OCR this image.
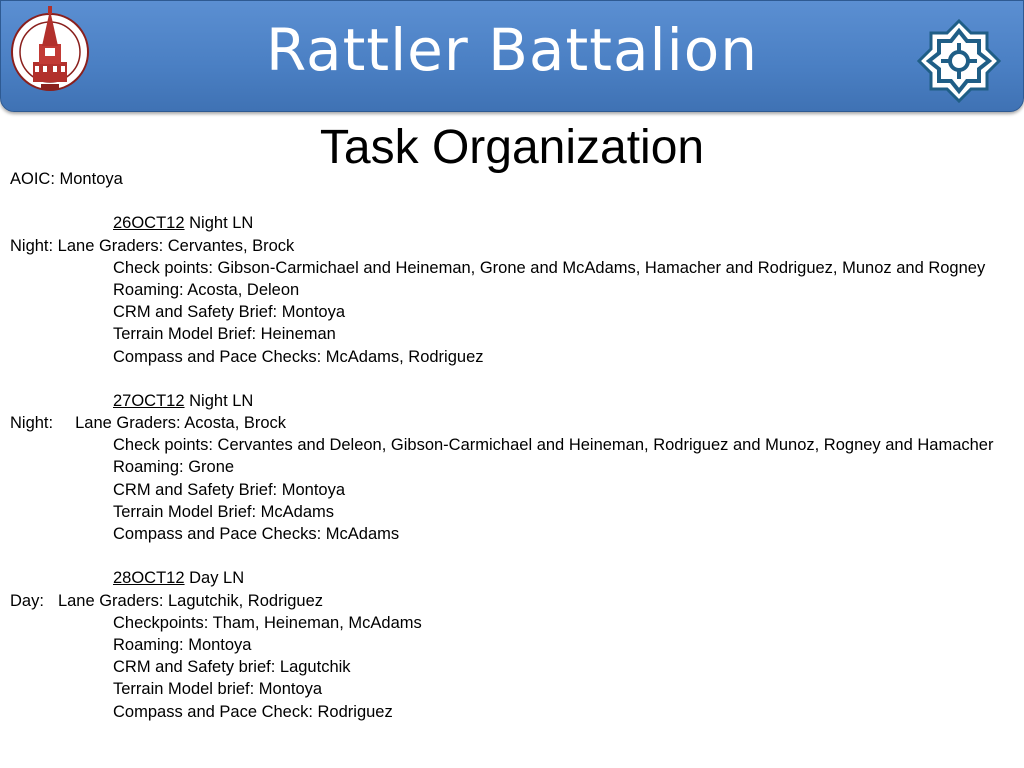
Rattler Battalion
Task Organization
AOIC: Montoya
26OCT12 Night LN
Night: Lane Graders: Cervantes, Brock
Check points: Gibson-Carmichael and Heineman, Grone and McAdams, Hamacher and Rodriguez, Munoz and Rogney
Roaming: Acosta, Deleon
CRM and Safety Brief: Montoya
Terrain Model Brief: Heineman
Compass and Pace Checks: McAdams, Rodriguez
27OCT12 Night LN
Night: Lane Graders: Acosta, Brock
Check points: Cervantes and Deleon, Gibson-Carmichael and Heineman, Rodriguez and Munoz, Rogney and Hamacher
Roaming: Grone
CRM and Safety Brief: Montoya
Terrain Model Brief: McAdams
Compass and Pace Checks: McAdams
28OCT12 Day LN
Day: Lane Graders: Lagutchik, Rodriguez
Checkpoints: Tham, Heineman, McAdams
Roaming: Montoya
CRM and Safety brief: Lagutchik
Terrain Model brief: Montoya
Compass and Pace Check: Rodriguez
